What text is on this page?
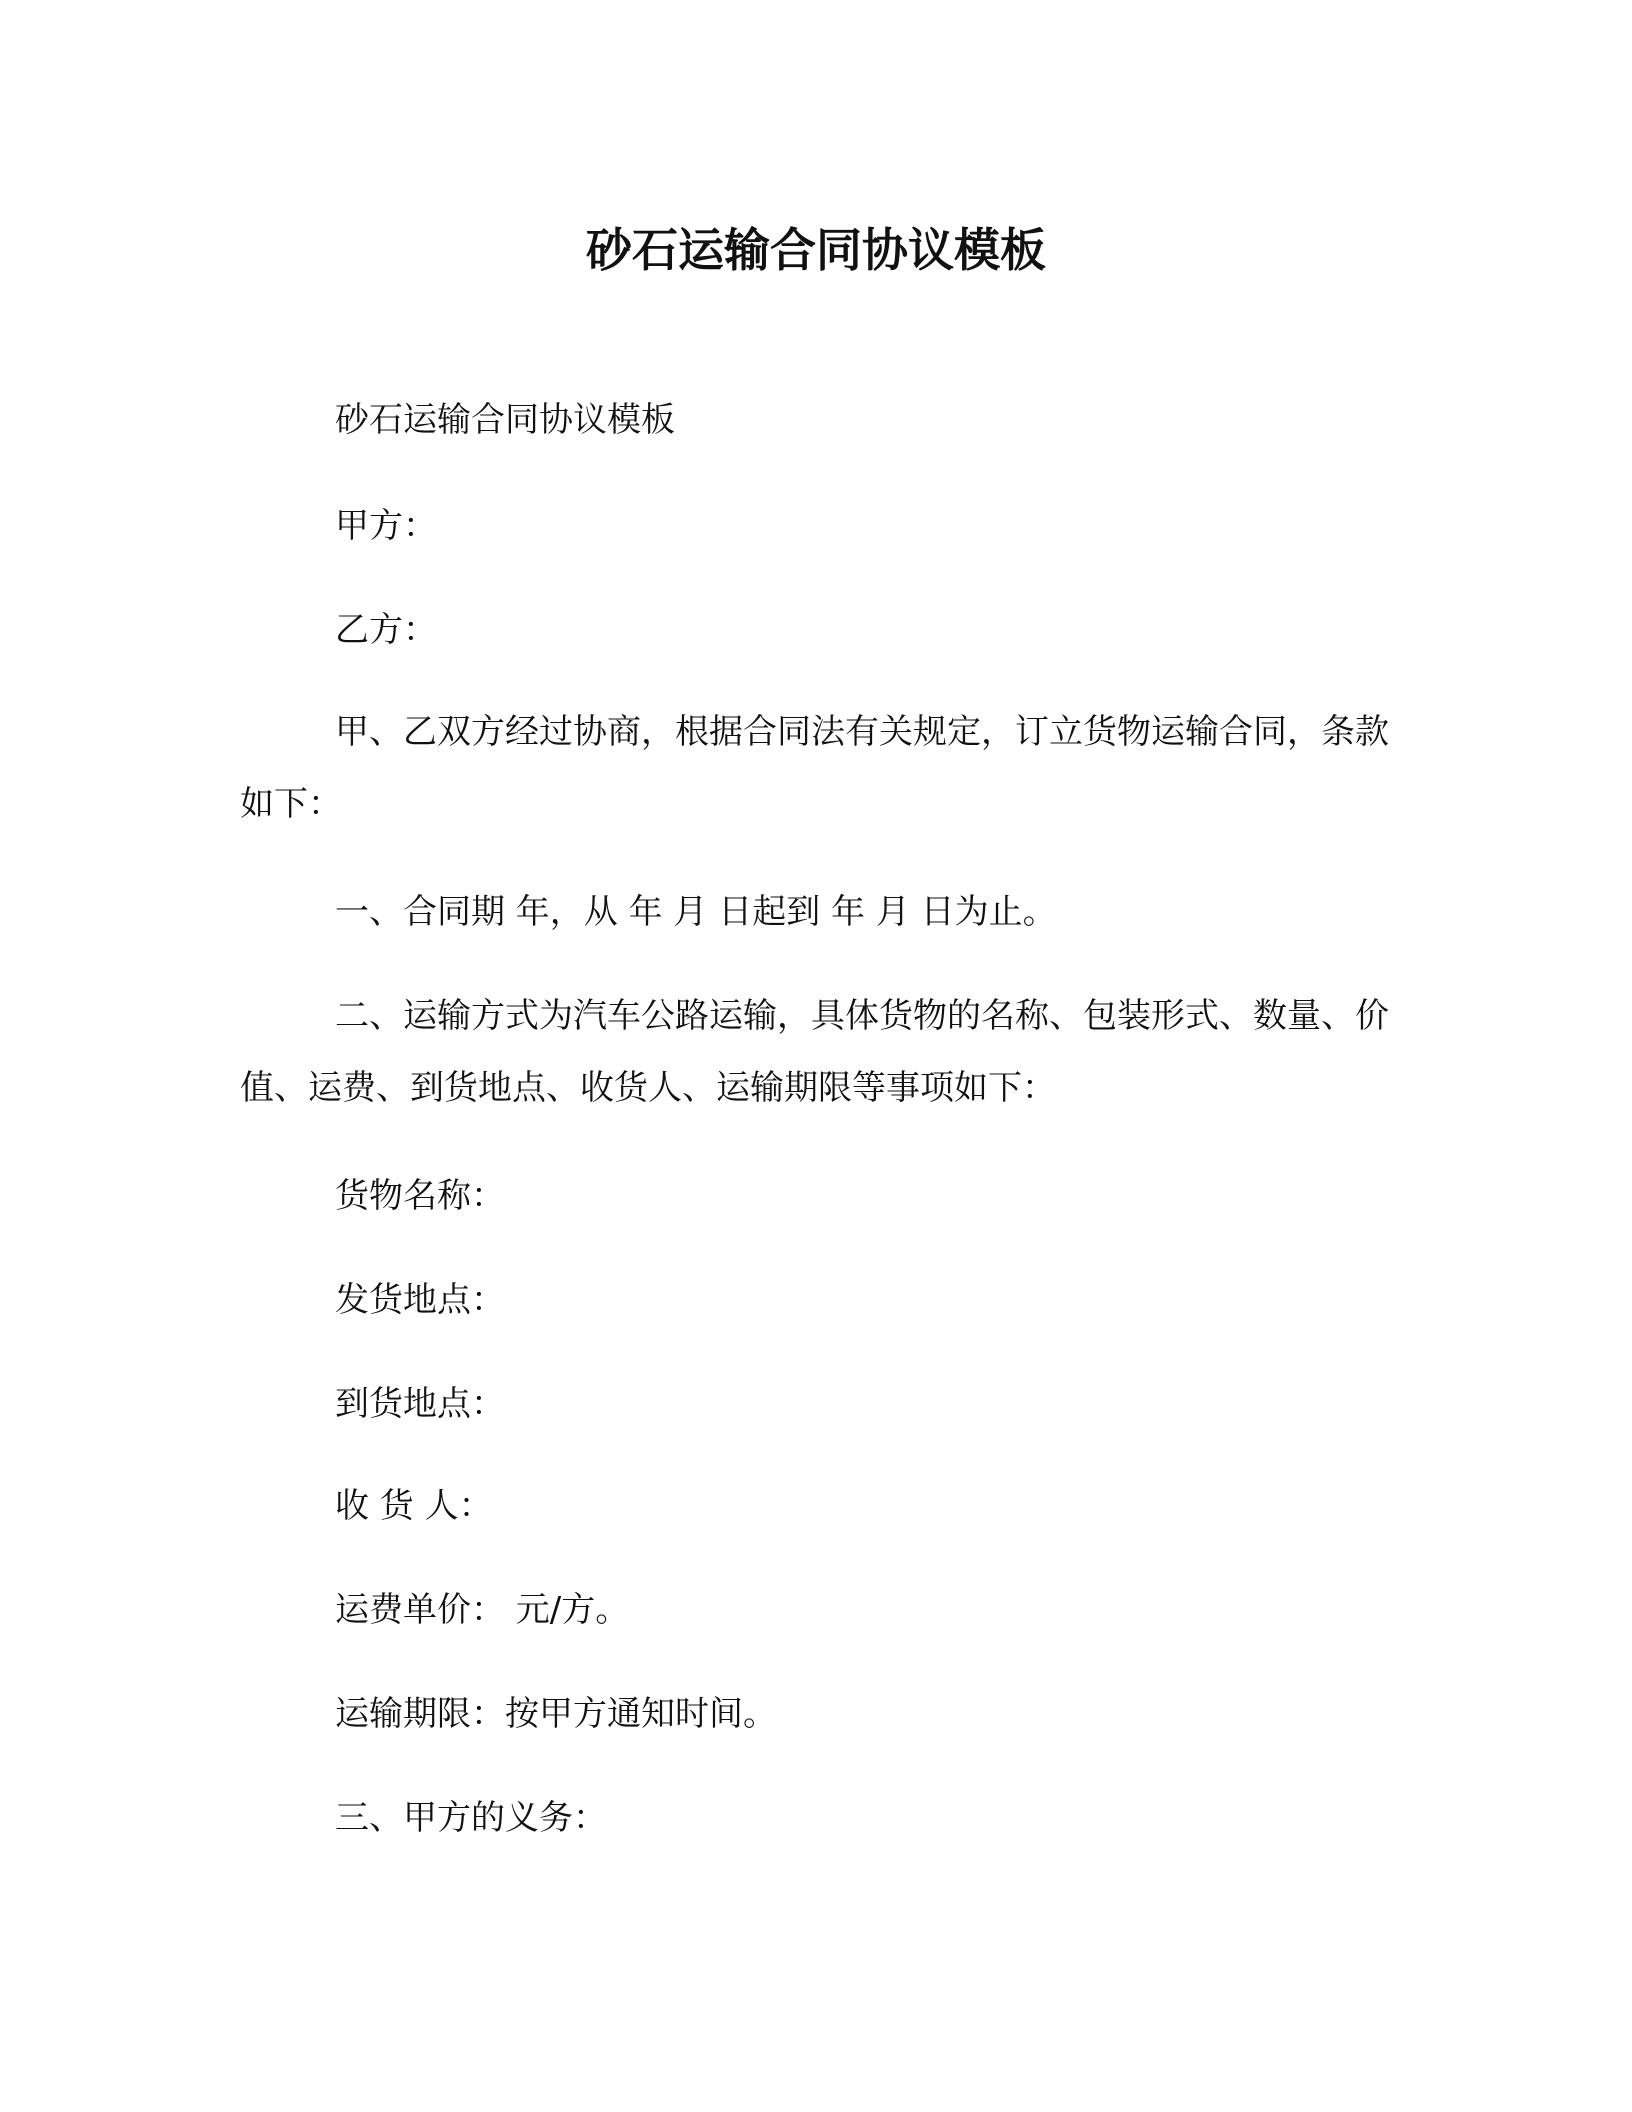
砂石运输合同协议模板
砂石运输合同协议模板
甲方：
乙方：
甲、乙双方经过协商，根据合同法有关规定，订立货物运输合同，条款如下：
一、合同期 年，从 年 月 日起到 年 月 日为止。
二、运输方式为汽车公路运输，具体货物的名称、包装形式、数量、价值、运费、到货地点、收货人、运输期限等事项如下：
货物名称：
发货地点：
到货地点：
收 货 人：
运费单价： 元/方。
运输期限：按甲方通知时间。
三、甲方的义务：
